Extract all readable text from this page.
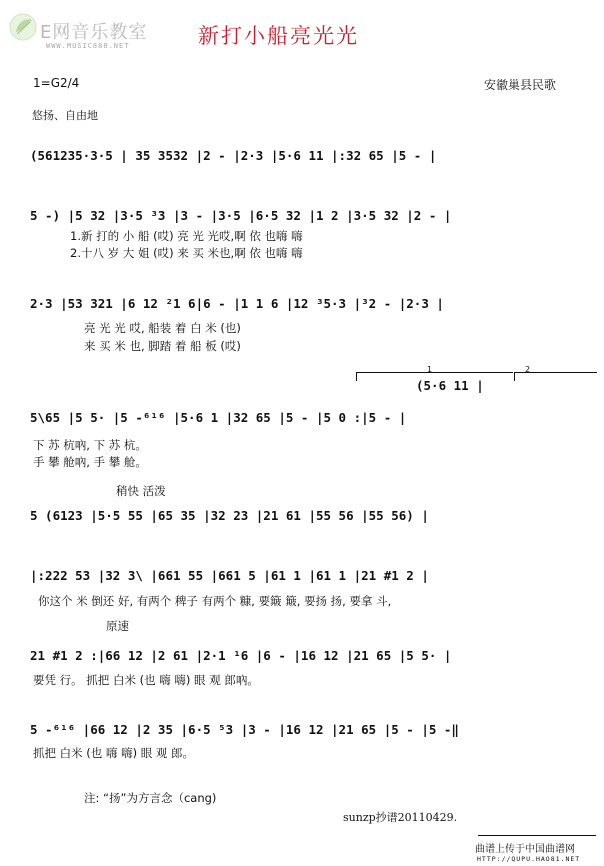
E网音乐教室
WWW.MUSIC888.NET	新打小船亮光光
1=G2/4	安徽巢县民歌
悠扬、自由地
(561235·3·5 | 35 3532 |2 - |2·3 |5·6 11 |:32 65 |5 - |
5 -) |5 32 |3·5 ³3 |3 - |3·5 |6·5 32 |1 2 |3·5 32 |2 - |
1.新 打的 小 船 (哎) 亮 光 光哎,啊 依 也嗨 嗨
2.十八 岁 大 姐 (哎) 来 买 米也,啊 依 也嗨 嗨
2·3 |53 321 |6 12 ²1 6|6 - |1 1 6 |12 ³5·3 |³2 - |2·3 |
亮 光 光 哎, 船装 着 白 米 (也)
来 买 米 也, 脚踏 着 船 板 (哎)
1	2
(5·6 11 |
5\65 |5 5· |5 -⁶¹⁶ |5·6 1 |32 65 |5 - |5 0 :|5 - |
下 苏 杭吶, 下 苏 杭。
手 攀 舱吶, 手 攀 舱。
稍快 活泼
5 (6123 |5·5 55 |65 35 |32 23 |21 61 |55 56 |55 56) |
|:222 53 |32 3\ |661 55 |661 5 |61 1 |61 1 |21 #1 2 |
你这个 米 倒还 好, 有两个 稗子 有两个 糠, 要簸 簸, 要扬 扬, 要拿 斗,
原速
21 #1 2 :|66 12 |2 61 |2·1 ¹6 |6 - |16 12 |21 65 |5 5· |
要凭 行。 抓把 白米 (也 嗨 嗨) 眼 观 郎吶。
5 -⁶¹⁶ |66 12 |2 35 |6·5 ⁵3 |3 - |16 12 |21 65 |5 - |5 -‖
抓把 白米 (也 嗨 嗨) 眼 观 郎。
注: “扬”为方言念（cang)
sunzp抄谱20110429.
曲谱上传于中国曲谱网
HTTP://QUPU.HAO81.NET
